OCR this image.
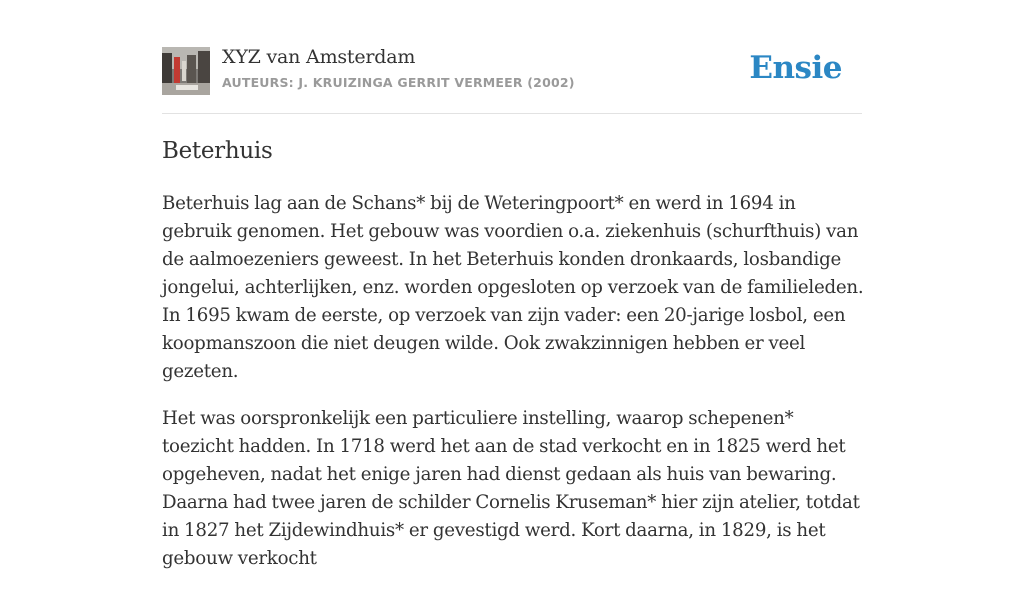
XYZ van Amsterdam
AUTEURS: J. KRUIZINGA GERRIT VERMEER (2002)	Ensie
Beterhuis

Beterhuis lag aan de Schans* bij de Weteringpoort* en werd in 1694 in gebruik genomen. Het gebouw was voordien o.a. ziekenhuis (schurfthuis) van de aalmoezeniers geweest. In het Beterhuis konden dronkaards, losbandige jongelui, achterlijken, enz. worden opgesloten op verzoek van de familieleden. In 1695 kwam de eerste, op verzoek van zijn vader: een 20-jarige losbol, een koopmanszoon die niet deugen wilde. Ook zwakzinnigen hebben er veel gezeten.

Het was oorspronkelijk een particuliere instelling, waarop schepenen* toezicht hadden. In 1718 werd het aan de stad verkocht en in 1825 werd het opgeheven, nadat het enige jaren had dienst gedaan als huis van bewaring. Daarna had twee jaren de schilder Cornelis Kruseman* hier zijn atelier, totdat in 1827 het Zijdewindhuis* er gevestigd werd. Kort daarna, in 1829, is het gebouw verkocht
